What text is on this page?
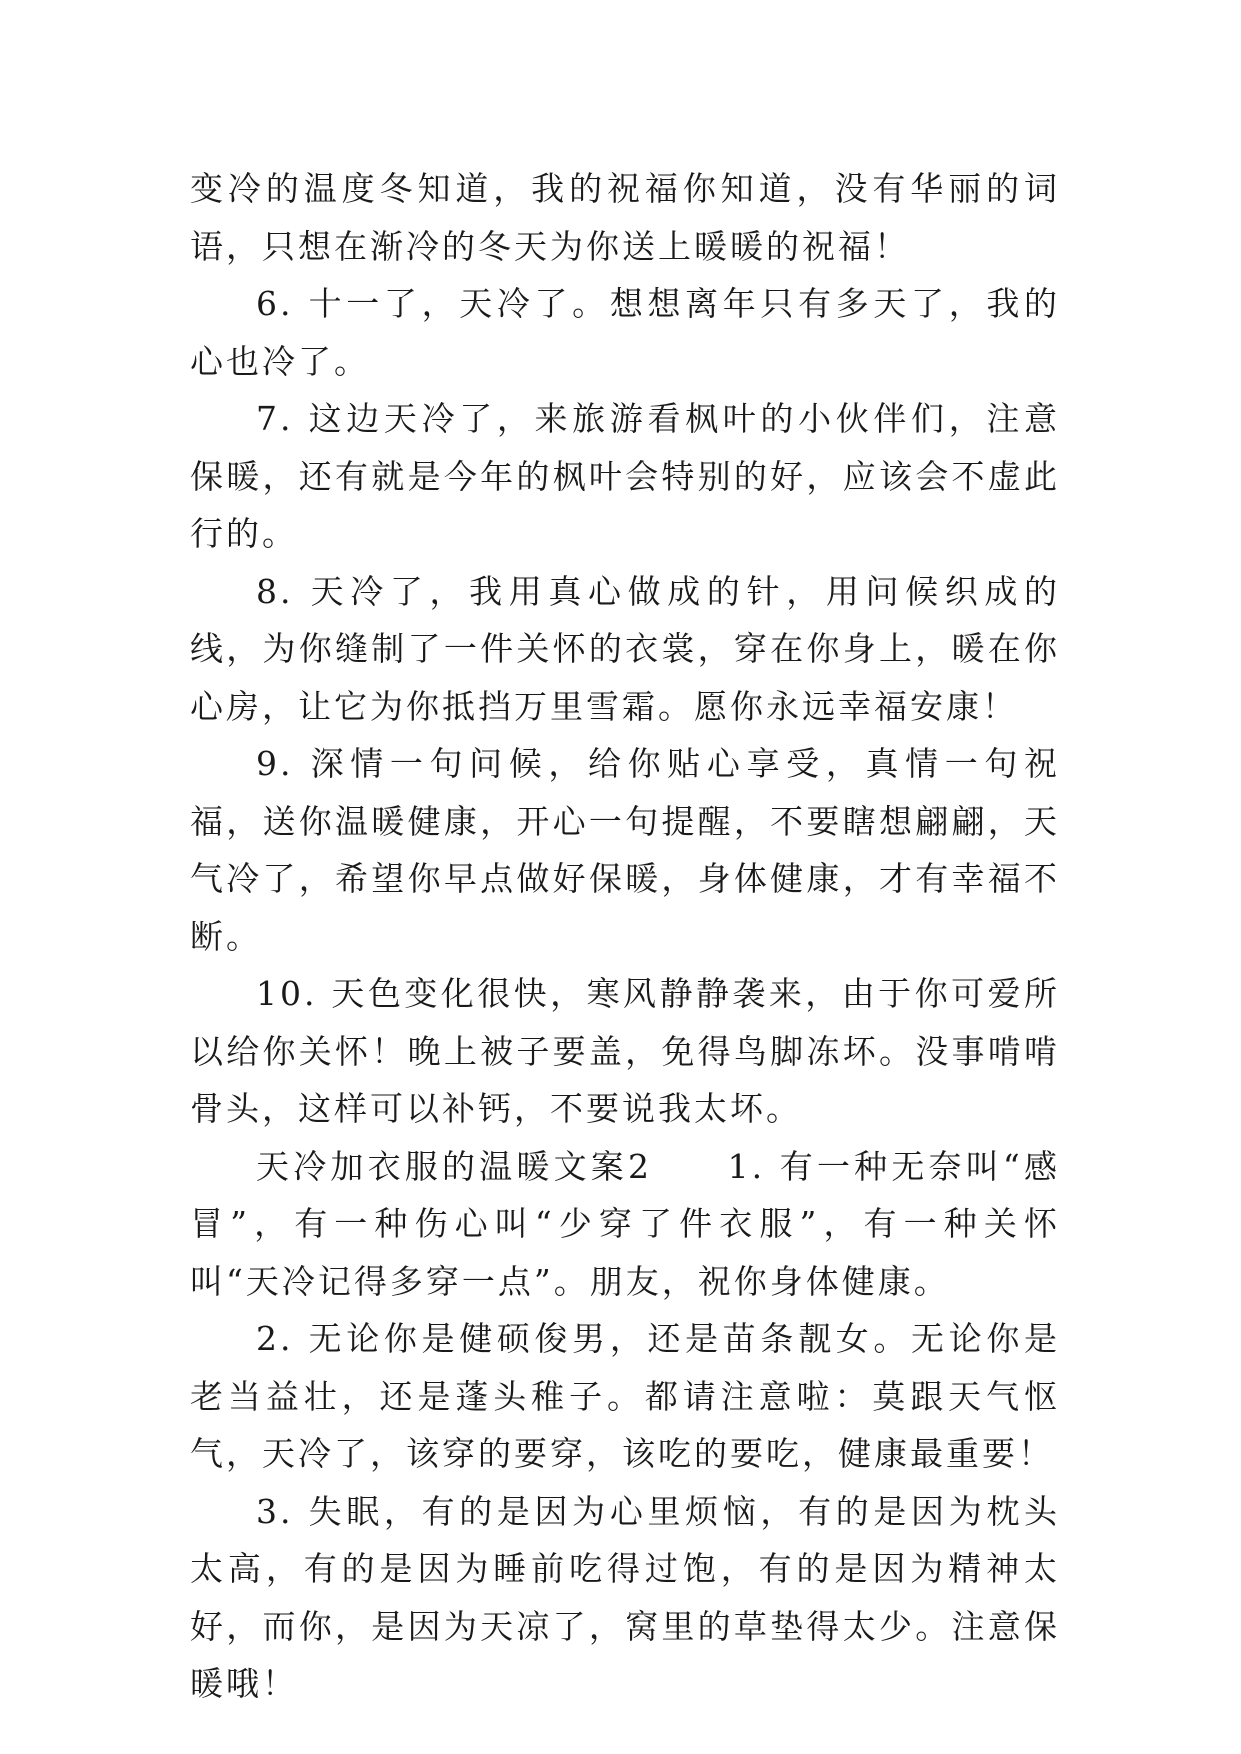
变冷的温度冬知道，我的祝福你知道，没有华丽的词语，只想在渐冷的冬天为你送上暖暖的祝福！

6. 十一了，天冷了。想想离年只有多天了，我的心也冷了。

7. 这边天冷了，来旅游看枫叶的小伙伴们，注意保暖，还有就是今年的枫叶会特别的好，应该会不虚此行的。

8. 天冷了，我用真心做成的针，用问候织成的线，为你缝制了一件关怀的衣裳，穿在你身上，暖在你心房，让它为你抵挡万里雪霜。愿你永远幸福安康！

9. 深情一句问候，给你贴心享受，真情一句祝福，送你温暖健康，开心一句提醒，不要瞎想翩翩，天气冷了，希望你早点做好保暖，身体健康，才有幸福不断。

10. 天色变化很快，寒风静静袭来，由于你可爱所以给你关怀！晚上被子要盖，免得鸟脚冻坏。没事啃啃骨头，这样可以补钙，不要说我太坏。

天冷加衣服的温暖文案2　　1. 有一种无奈叫“感冒”，有一种伤心叫“少穿了件衣服”，有一种关怀叫“天冷记得多穿一点”。朋友，祝你身体健康。

2. 无论你是健硕俊男，还是苗条靓女。无论你是老当益壮，还是蓬头稚子。都请注意啦：莫跟天气怄气，天冷了，该穿的要穿，该吃的要吃，健康最重要！

3. 失眠，有的是因为心里烦恼，有的是因为枕头太高，有的是因为睡前吃得过饱，有的是因为精神太好，而你，是因为天凉了，窝里的草垫得太少。注意保暖哦！
